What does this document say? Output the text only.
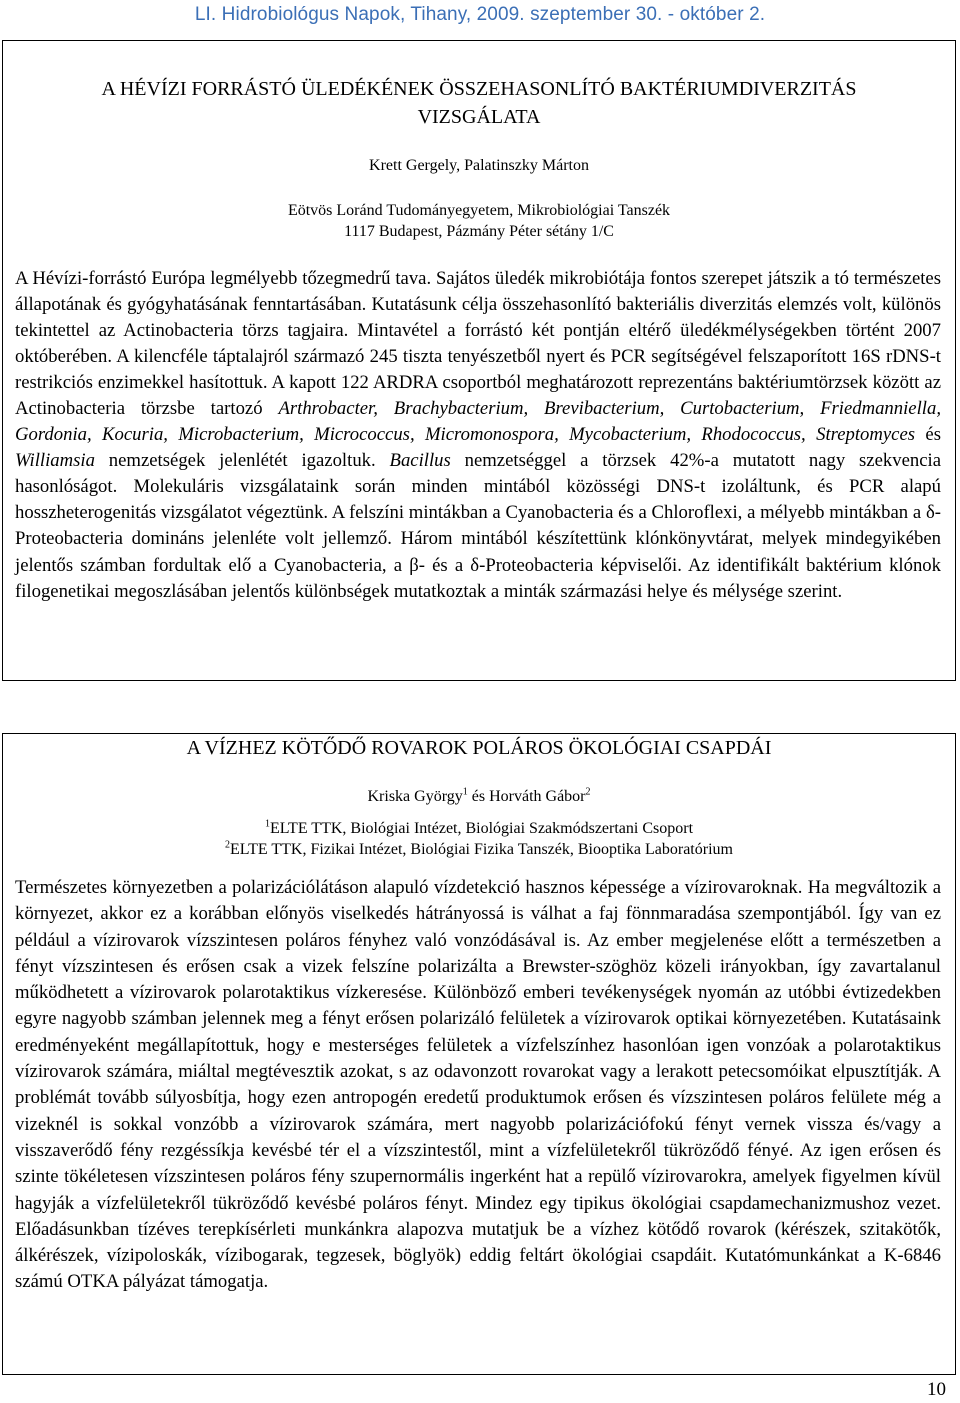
LI. Hidrobiológus Napok, Tihany, 2009. szeptember 30. - október 2.
A HÉVÍZI FORRÁSTÓ ÜLEDÉKÉNEK ÖSSZEHASONLÍTÓ BAKTÉRIUMDIVERZITÁS
VIZSGÁLATA
Krett Gergely, Palatinszky Márton
Eötvös Loránd Tudományegyetem, Mikrobiológiai Tanszék
1117 Budapest, Pázmány Péter sétány 1/C

A Hévízi-forrástó Európa legmélyebb tőzegmedrű tava. Sajátos üledék mikrobiótája fontos szerepet játszik a tó természetes állapotának és gyógyhatásának fenntartásában. Kutatásunk célja összehasonlító bakteriális diverzitás elemzés volt, különös tekintettel az Actinobacteria törzs tagjaira. Mintavétel a forrástó két pontján eltérő üledékmélységekben történt 2007 októberében. A kilencféle táptalajról származó 245 tiszta tenyészetből nyert és PCR segítségével felszaporított 16S rDNS-t restrikciós enzimekkel hasítottuk. A kapott 122 ARDRA csoportból meghatározott reprezentáns baktériumtörzsek között az Actinobacteria törzsbe tartozó Arthrobacter, Brachybacterium, Brevibacterium, Curtobacterium, Friedmanniella, Gordonia, Kocuria, Microbacterium, Micrococcus, Micromonospora, Mycobacterium, Rhodococcus, Streptomyces és Williamsia nemzetségek jelenlétét igazoltuk. Bacillus nemzetséggel a törzsek 42%-a mutatott nagy szekvencia hasonlóságot. Molekuláris vizsgálataink során minden mintából közösségi DNS-t izoláltunk, és PCR alapú hosszheterogenitás vizsgálatot végeztünk. A felszíni mintákban a Cyanobacteria és a Chloroflexi, a mélyebb mintákban a δ-Proteobacteria domináns jelenléte volt jellemző. Három mintából készítettünk klónkönyvtárat, melyek mindegyikében jelentős számban fordultak elő a Cyanobacteria, a β- és a δ-Proteobacteria képviselői. Az identifikált baktérium klónok filogenetikai megoszlásában jelentős különbségek mutatkoztak a minták származási helye és mélysége szerint.

A VÍZHEZ KÖTŐDŐ ROVAROK POLÁROS ÖKOLÓGIAI CSAPDÁI
Kriska György$^1$ és Horváth Gábor$^2$
$^1$ELTE TTK, Biológiai Intézet, Biológiai Szakmódszertani Csoport
$^2$ELTE TTK, Fizikai Intézet, Biológiai Fizika Tanszék, Biooptika Laboratórium

Természetes környezetben a polarizációlátáson alapuló vízdetekció hasznos képessége a vízirovaroknak. Ha megváltozik a környezet, akkor ez a korábban előnyös viselkedés hátrányossá is válhat a faj fönnmaradása szempontjából. Így van ez például a vízirovarok vízszintesen poláros fényhez való vonzódásával is. Az ember megjelenése előtt a természetben a fényt vízszintesen és erősen csak a vizek felszíne polarizálta a Brewster-szöghöz közeli irányokban, így zavartalanul működhetett a vízirovarok polarotaktikus vízkeresése. Különböző emberi tevékenységek nyomán az utóbbi évtizedekben egyre nagyobb számban jelennek meg a fényt erősen polarizáló felületek a vízirovarok optikai környezetében. Kutatásaink eredményeként megállapítottuk, hogy e mesterséges felületek a vízfelszínhez hasonlóan igen vonzóak a polarotaktikus vízirovarok számára, miáltal megtévesztik azokat, s az odavonzott rovarokat vagy a lerakott petecsomóikat elpusztítják. A problémát tovább súlyosbítja, hogy ezen antropogén eredetű produktumok erősen és vízszintesen poláros felülete még a vizeknél is sokkal vonzóbb a vízirovarok számára, mert nagyobb polarizációfokú fényt vernek vissza és/vagy a visszaverődő fény rezgéssíkja kevésbé tér el a vízszintestől, mint a vízfelületekről tükröződő fényé. Az igen erősen és szinte tökéletesen vízszintesen poláros fény szupernormális ingerként hat a repülő vízirovarokra, amelyek figyelmen kívül hagyják a vízfelületekről tükröződő kevésbé poláros fényt. Mindez egy tipikus ökológiai csapdamechanizmushoz vezet. Előadásunkban tízéves terepkísérleti munkánkra alapozva mutatjuk be a vízhez kötődő rovarok (kérészek, szitakötők, álkérészek, vízipoloskák, vízibogarak, tegzesek, böglyök) eddig feltárt ökológiai csapdáit. Kutatómunkánkat a K-6846 számú OTKA pályázat támogatja.

10
